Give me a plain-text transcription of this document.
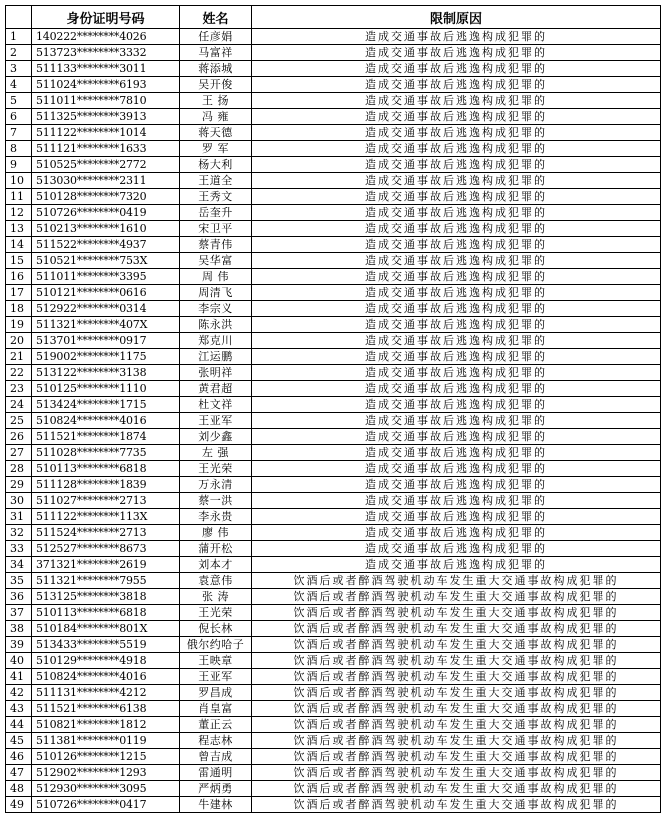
	身份证明号码	姓名	限制原因
1	140222********4026	任彦娟	造成交通事故后逃逸构成犯罪的
2	513723********3332	马富祥	造成交通事故后逃逸构成犯罪的
3	511133********3011	蒋添城	造成交通事故后逃逸构成犯罪的
4	511024********6193	吴开俊	造成交通事故后逃逸构成犯罪的
5	511011********7810	王 扬	造成交通事故后逃逸构成犯罪的
6	511325********3913	冯 雍	造成交通事故后逃逸构成犯罪的
7	511122********1014	蒋天德	造成交通事故后逃逸构成犯罪的
8	511121********1633	罗 军	造成交通事故后逃逸构成犯罪的
9	510525********2772	杨大利	造成交通事故后逃逸构成犯罪的
10	513030********2311	王道全	造成交通事故后逃逸构成犯罪的
11	510128********7320	王秀文	造成交通事故后逃逸构成犯罪的
12	510726********0419	岳奎升	造成交通事故后逃逸构成犯罪的
13	510213********1610	宋卫平	造成交通事故后逃逸构成犯罪的
14	511522********4937	蔡青伟	造成交通事故后逃逸构成犯罪的
15	510521********753X	吴华富	造成交通事故后逃逸构成犯罪的
16	511011********3395	周 伟	造成交通事故后逃逸构成犯罪的
17	510121********0616	周清飞	造成交通事故后逃逸构成犯罪的
18	512922********0314	李宗义	造成交通事故后逃逸构成犯罪的
19	511321********407X	陈永洪	造成交通事故后逃逸构成犯罪的
20	513701********0917	郑克川	造成交通事故后逃逸构成犯罪的
21	519002********1175	江运鹏	造成交通事故后逃逸构成犯罪的
22	513122********3138	张明祥	造成交通事故后逃逸构成犯罪的
23	510125********1110	黄君超	造成交通事故后逃逸构成犯罪的
24	513424********1715	杜文祥	造成交通事故后逃逸构成犯罪的
25	510824********4016	王亚军	造成交通事故后逃逸构成犯罪的
26	511521********1874	刘少鑫	造成交通事故后逃逸构成犯罪的
27	511028********7735	左 强	造成交通事故后逃逸构成犯罪的
28	510113********6818	王光荣	造成交通事故后逃逸构成犯罪的
29	511128********1839	万永清	造成交通事故后逃逸构成犯罪的
30	511027********2713	蔡一洪	造成交通事故后逃逸构成犯罪的
31	511122********113X	李永贵	造成交通事故后逃逸构成犯罪的
32	511524********2713	廖 伟	造成交通事故后逃逸构成犯罪的
33	512527********8673	蒲开松	造成交通事故后逃逸构成犯罪的
34	371321********2619	刘本才	造成交通事故后逃逸构成犯罪的
35	511321********7955	袁意伟	饮酒后或者醉酒驾驶机动车发生重大交通事故构成犯罪的
36	513125********3818	张 涛	饮酒后或者醉酒驾驶机动车发生重大交通事故构成犯罪的
37	510113********6818	王光荣	饮酒后或者醉酒驾驶机动车发生重大交通事故构成犯罪的
38	510184********801X	倪长林	饮酒后或者醉酒驾驶机动车发生重大交通事故构成犯罪的
39	513433********5519	俄尔约哈子	饮酒后或者醉酒驾驶机动车发生重大交通事故构成犯罪的
40	510129********4918	王映章	饮酒后或者醉酒驾驶机动车发生重大交通事故构成犯罪的
41	510824********4016	王亚军	饮酒后或者醉酒驾驶机动车发生重大交通事故构成犯罪的
42	511131********4212	罗昌成	饮酒后或者醉酒驾驶机动车发生重大交通事故构成犯罪的
43	511521********6138	肖皇富	饮酒后或者醉酒驾驶机动车发生重大交通事故构成犯罪的
44	510821********1812	董正云	饮酒后或者醉酒驾驶机动车发生重大交通事故构成犯罪的
45	511381********0119	程志林	饮酒后或者醉酒驾驶机动车发生重大交通事故构成犯罪的
46	510126********1215	曾吉成	饮酒后或者醉酒驾驶机动车发生重大交通事故构成犯罪的
47	512902********1293	雷通明	饮酒后或者醉酒驾驶机动车发生重大交通事故构成犯罪的
48	512930********3095	严炳勇	饮酒后或者醉酒驾驶机动车发生重大交通事故构成犯罪的
49	510726********0417	牛建林	饮酒后或者醉酒驾驶机动车发生重大交通事故构成犯罪的
